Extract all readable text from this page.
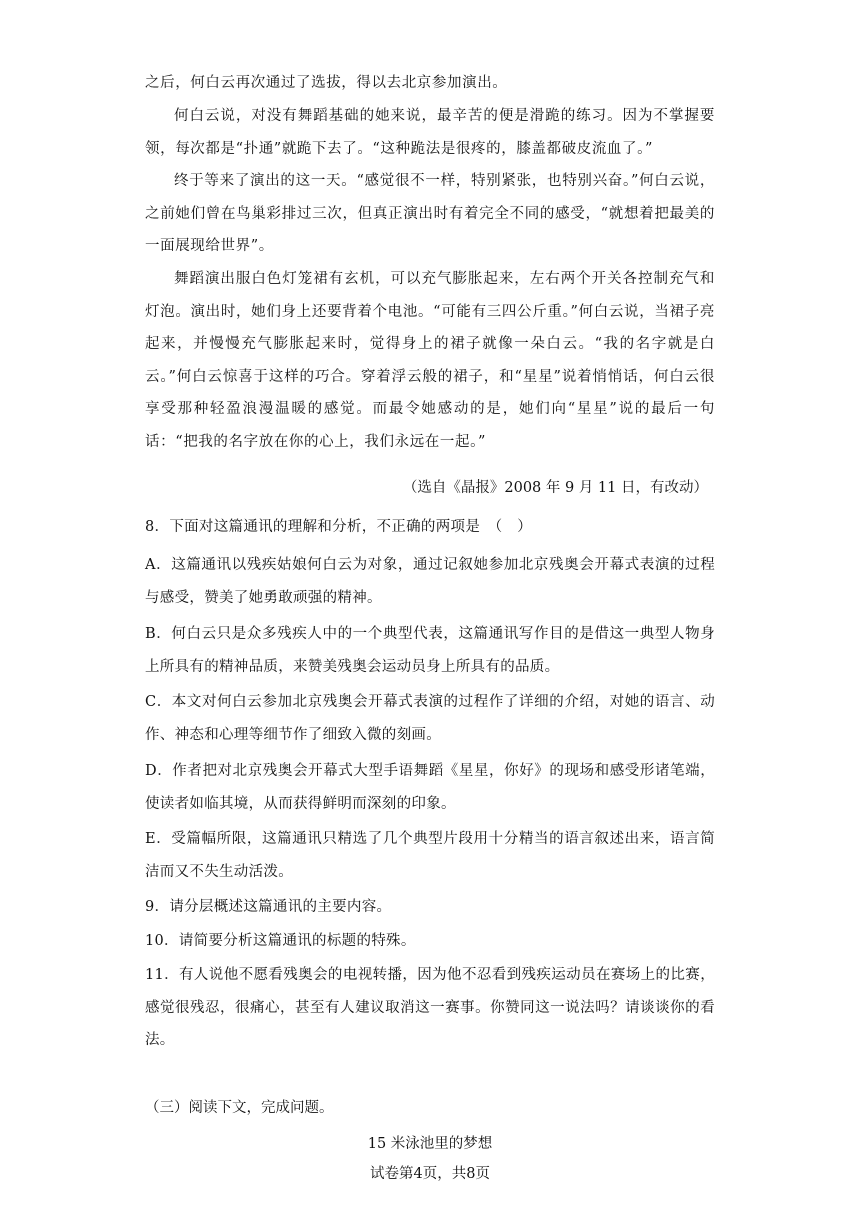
之后，何白云再次通过了选拔，得以去北京参加演出。

何白云说，对没有舞蹈基础的她来说，最辛苦的便是滑跪的练习。因为不掌握要领，每次都是“扑通”就跪下去了。“这种跪法是很疼的，膝盖都破皮流血了。”

终于等来了演出的这一天。“感觉很不一样，特别紧张，也特别兴奋。”何白云说，之前她们曾在鸟巢彩排过三次，但真正演出时有着完全不同的感受，“就想着把最美的一面展现给世界”。

舞蹈演出服白色灯笼裙有玄机，可以充气膨胀起来，左右两个开关各控制充气和灯泡。演出时，她们身上还要背着个电池。“可能有三四公斤重。”何白云说，当裙子亮起来，并慢慢充气膨胀起来时，觉得身上的裙子就像一朵白云。“我的名字就是白云。”何白云惊喜于这样的巧合。穿着浮云般的裙子，和“星星”说着悄悄话，何白云很享受那种轻盈浪漫温暖的感觉。而最令她感动的是，她们向“星星”说的最后一句话：“把我的名字放在你的心上，我们永远在一起。”

（选自《晶报》2008 年 9 月 11 日，有改动）

8．下面对这篇通讯的理解和分析，不正确的两项是　（　）

A．这篇通讯以残疾姑娘何白云为对象，通过记叙她参加北京残奥会开幕式表演的过程与感受，赞美了她勇敢顽强的精神。

B．何白云只是众多残疾人中的一个典型代表，这篇通讯写作目的是借这一典型人物身上所具有的精神品质，来赞美残奥会运动员身上所具有的品质。

C．本文对何白云参加北京残奥会开幕式表演的过程作了详细的介绍，对她的语言、动作、神态和心理等细节作了细致入微的刻画。

D．作者把对北京残奥会开幕式大型手语舞蹈《星星，你好》的现场和感受形诸笔端，使读者如临其境，从而获得鲜明而深刻的印象。

E．受篇幅所限，这篇通讯只精选了几个典型片段用十分精当的语言叙述出来，语言简洁而又不失生动活泼。

9．请分层概述这篇通讯的主要内容。

10．请简要分析这篇通讯的标题的特殊。

11．有人说他不愿看残奥会的电视转播，因为他不忍看到残疾运动员在赛场上的比赛，感觉很残忍，很痛心，甚至有人建议取消这一赛事。你赞同这一说法吗？请谈谈你的看法。

（三）阅读下文，完成问题。
15 米泳池里的梦想
试卷第4页，共8页
